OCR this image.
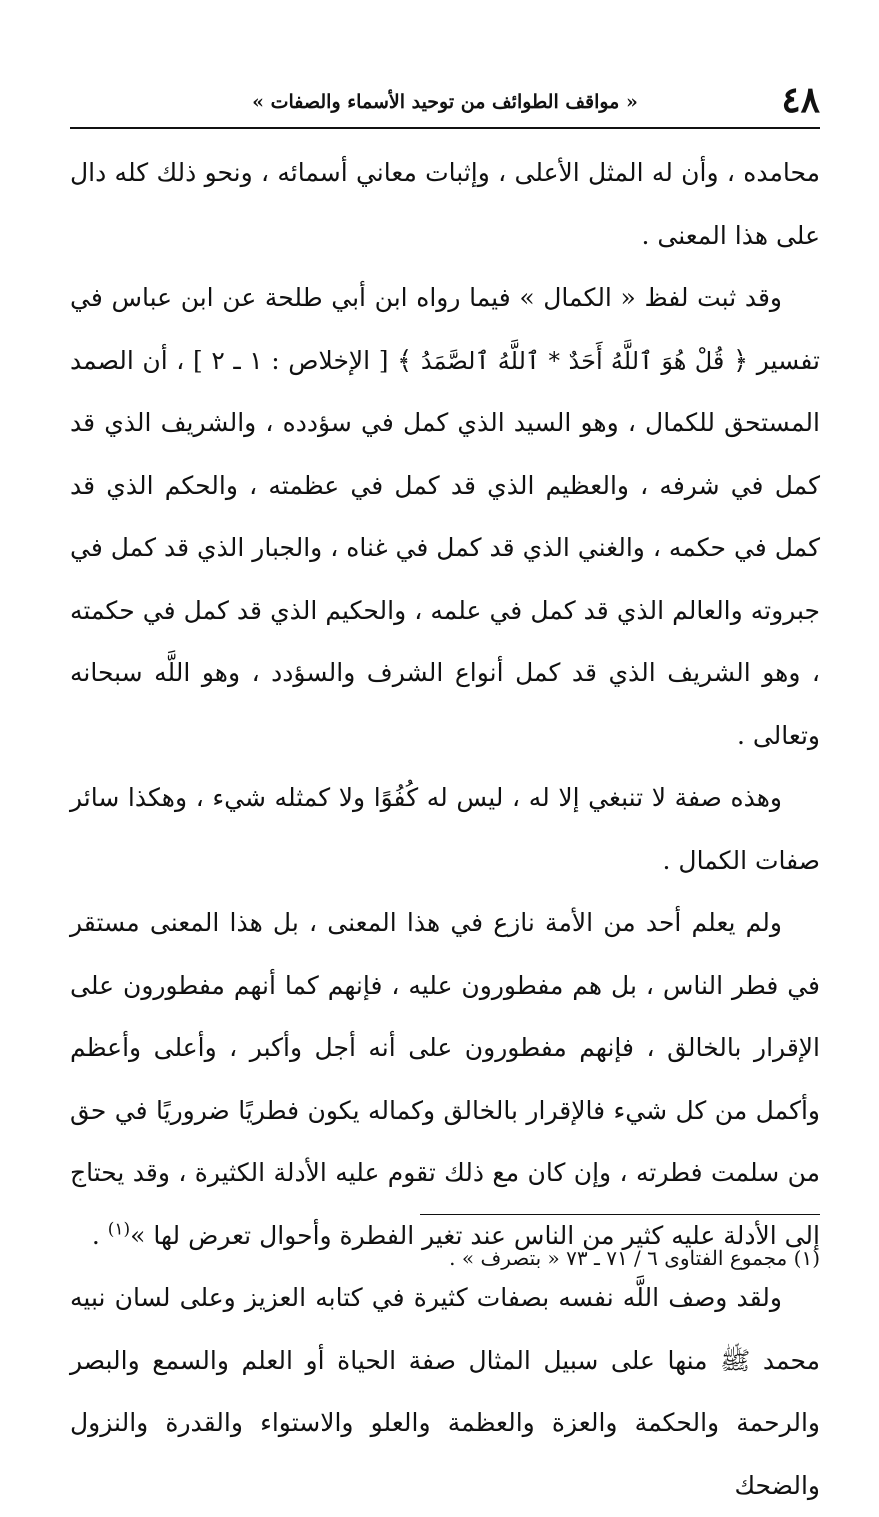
٤٨
« مواقف الطوائف من توحيد الأسماء والصفات »

محامده ، وأن له المثل الأعلى ، وإثبات معاني أسمائه ، ونحو ذلك كله دال على هذا المعنى .

وقد ثبت لفظ « الكمال » فيما رواه ابن أبي طلحة عن ابن عباس في تفسير ﴿ قُلْ هُوَ ٱللَّهُ أَحَدٌ * ٱللَّهُ ٱلصَّمَدُ ﴾ [ الإخلاص : ١ ـ ٢ ] ، أن الصمد المستحق للكمال ، وهو السيد الذي كمل في سؤدده ، والشريف الذي قد كمل في شرفه ، والعظيم الذي قد كمل في عظمته ، والحكم الذي قد كمل في حكمه ، والغني الذي قد كمل في غناه ، والجبار الذي قد كمل في جبروته والعالم الذي قد كمل في علمه ، والحكيم الذي قد كمل في حكمته ، وهو الشريف الذي قد كمل أنواع الشرف والسؤدد ، وهو اللَّه سبحانه وتعالى .

وهذه صفة لا تنبغي إلا له ، ليس له كُفُوًا ولا كمثله شيء ، وهكذا سائر صفات الكمال .

ولم يعلم أحد من الأمة نازع في هذا المعنى ، بل هذا المعنى مستقر في فطر الناس ، بل هم مفطورون عليه ، فإنهم كما أنهم مفطورون على الإقرار بالخالق ، فإنهم مفطورون على أنه أجل وأكبر ، وأعلى وأعظم وأكمل من كل شيء فالإقرار بالخالق وكماله يكون فطريًا ضروريًا في حق من سلمت فطرته ، وإن كان مع ذلك تقوم عليه الأدلة الكثيرة ، وقد يحتاج إلى الأدلة عليه كثير من الناس عند تغير الفطرة وأحوال تعرض لها »$^{(١)}$ .

ولقد وصف اللَّه نفسه بصفات كثيرة في كتابه العزيز وعلى لسان نبيه محمد ﷺ منها على سبيل المثال صفة الحياة أو العلم والسمع والبصر والرحمة والحكمة والعزة والعظمة والعلو والاستواء والقدرة والنزول والضحك

(١) مجموع الفتاوى ٦ / ٧١ ـ ٧٣ « بتصرف » .
